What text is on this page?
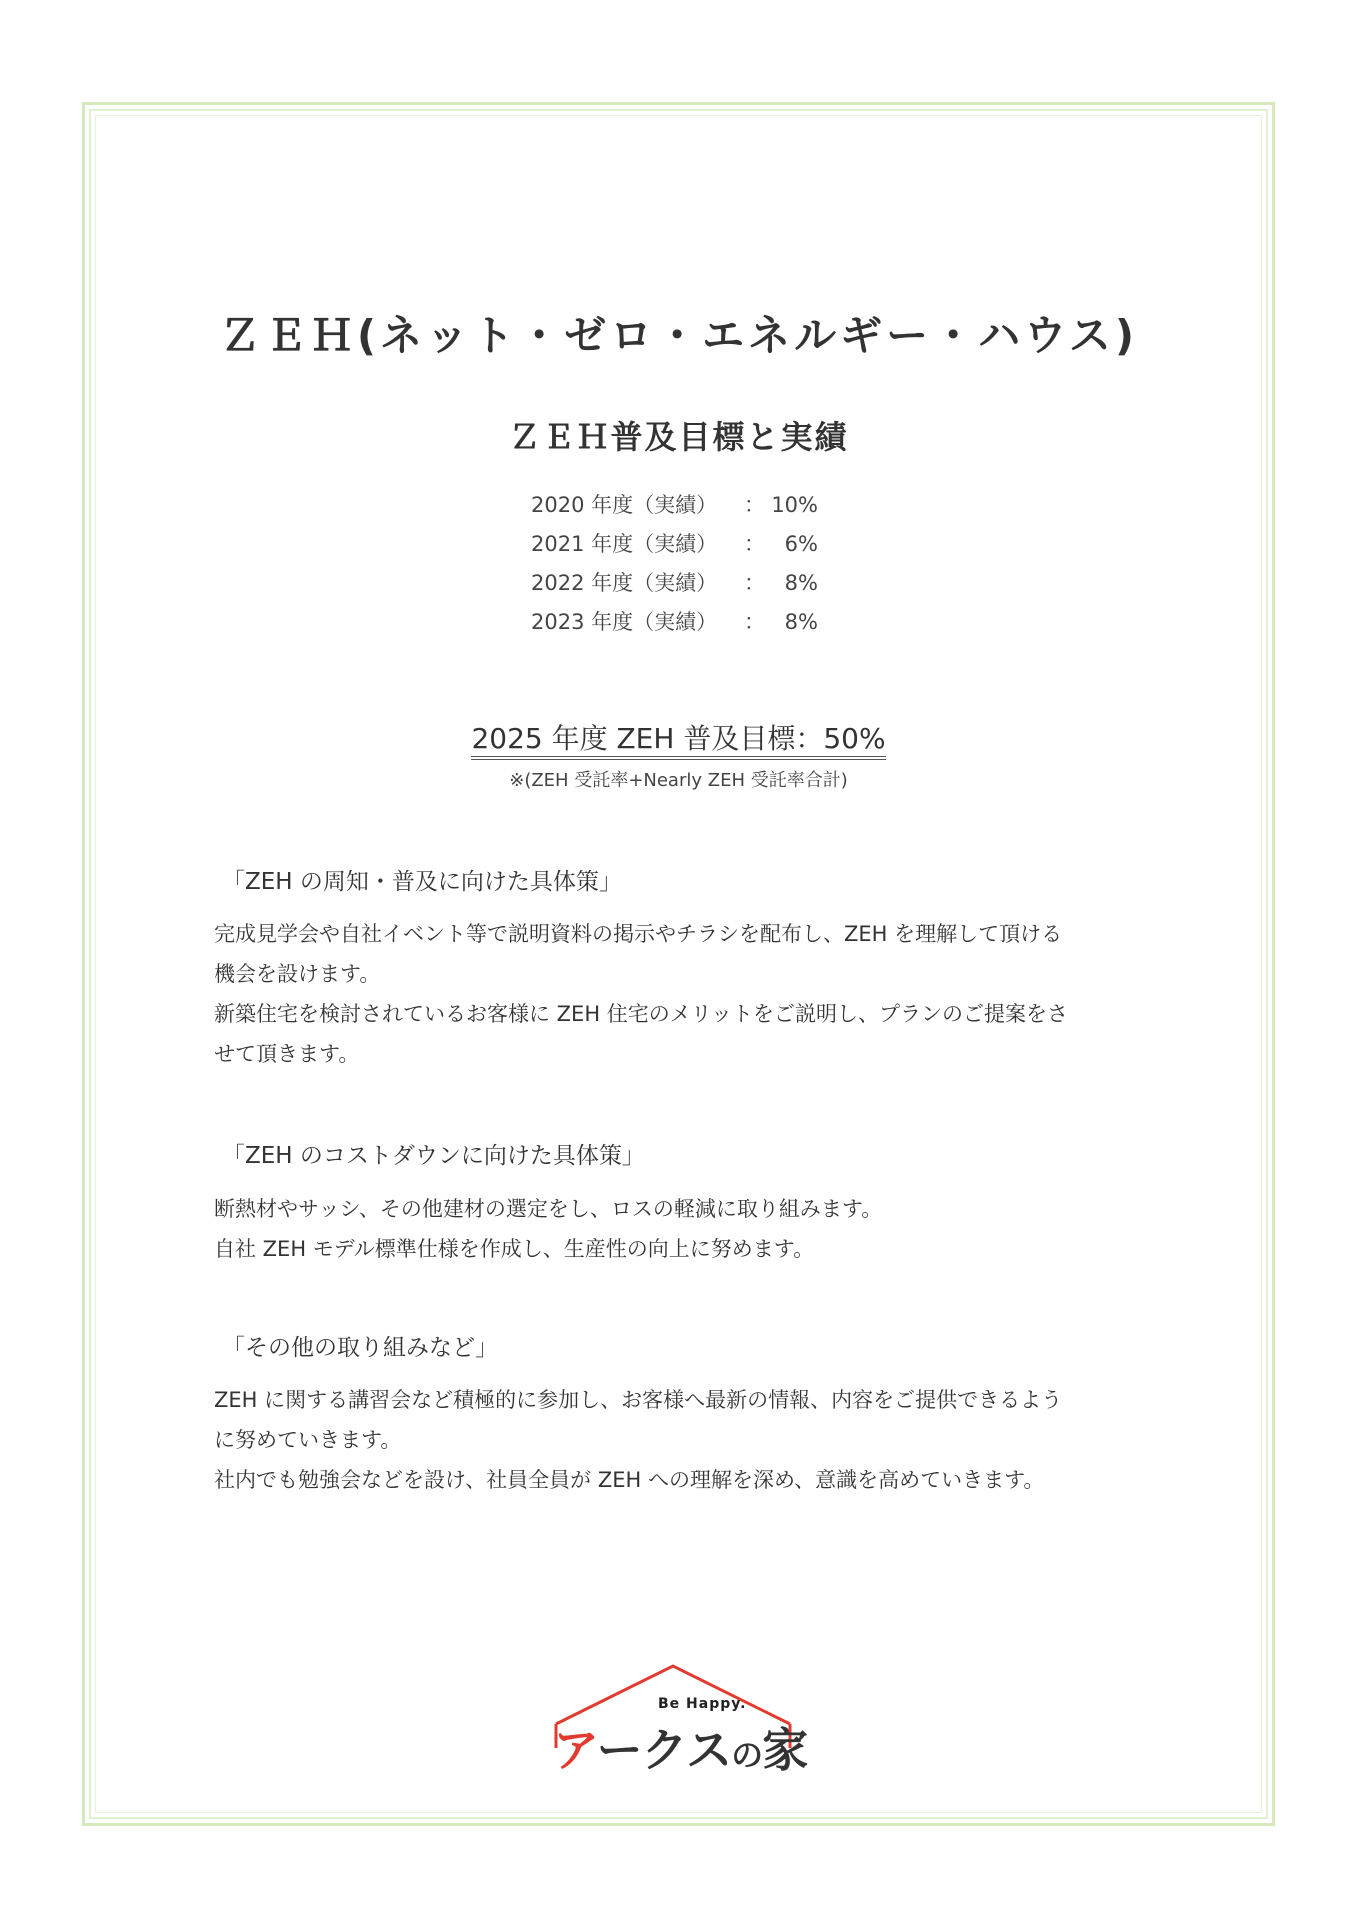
ＺＥＨ(ネット・ゼロ・エネルギー・ハウス)
ＺＥＨ普及目標と実績
2020 年度（実績） ： 10%
2021 年度（実績） ： 6%
2022 年度（実績） ： 8%
2023 年度（実績） ： 8%
2025 年度 ZEH 普及目標：50%
※(ZEH 受託率+Nearly ZEH 受託率合計)
「ZEH の周知・普及に向けた具体策」

完成見学会や自社イベント等で説明資料の掲示やチラシを配布し、ZEH を理解して頂ける

機会を設けます。

新築住宅を検討されているお客様に ZEH 住宅のメリットをご説明し、プランのご提案をさ

せて頂きます。

「ZEH のコストダウンに向けた具体策」

断熱材やサッシ、その他建材の選定をし、ロスの軽減に取り組みます。

自社 ZEH モデル標準仕様を作成し、生産性の向上に努めます。

「その他の取り組みなど」

ZEH に関する講習会など積極的に参加し、お客様へ最新の情報、内容をご提供できるよう

に努めていきます。

社内でも勉強会などを設け、社員全員が ZEH への理解を深め、意識を高めていきます。

Be Happy.
アークスの家
